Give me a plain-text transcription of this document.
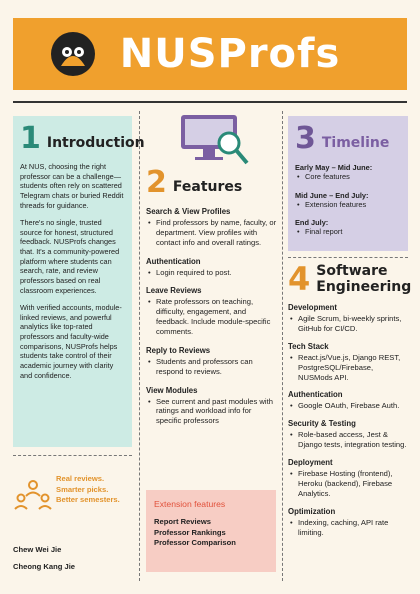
NUSProfs
1 Introduction

At NUS, choosing the right professor can be a challenge—students often rely on scattered Telegram chats or buried Reddit threads for guidance.

There's no single, trusted source for honest, structured feedback. NUSProfs changes that. It's a community-powered platform where students can search, rate, and review professors based on real classroom experiences.

With verified accounts, module-linked reviews, and powerful analytics like top-rated professors and faculty-wide comparisons, NUSProfs helps students take control of their academic journey with clarity and confidence.

Real reviews.
Smarter picks.
Better semesters.
Chew Wei Jie
Cheong Kang Jie
2 Features
Search & View Profiles
• Find professors by name, faculty, or department. View profiles with contact info and overall ratings.
Authentication
• Login required to post.
Leave Reviews
• Rate professors on teaching, difficulty, engagement, and feedback. Include module-specific comments.
Reply to Reviews
• Students and professors can respond to reviews.
View Modules
• See current and past modules with ratings and workload info for specific professors
Extension features
Report Reviews
Professor Rankings
Professor Comparison
3 Timeline
Early May – Mid June:
• Core features
Mid June – End July:
• Extension features
End July:
• Final report
4 Software
Engineering
Development
• Agile Scrum, bi-weekly sprints, GitHub for CI/CD.
Tech Stack
• React.js/Vue.js, Django REST, PostgreSQL/Firebase, NUSMods API.
Authentication
• Google OAuth, Firebase Auth.
Security & Testing
• Role-based access, Jest & Django tests, integration testing.
Deployment
• Firebase Hosting (frontend), Heroku (backend), Firebase Analytics.
Optimization
• Indexing, caching, API rate limiting.
